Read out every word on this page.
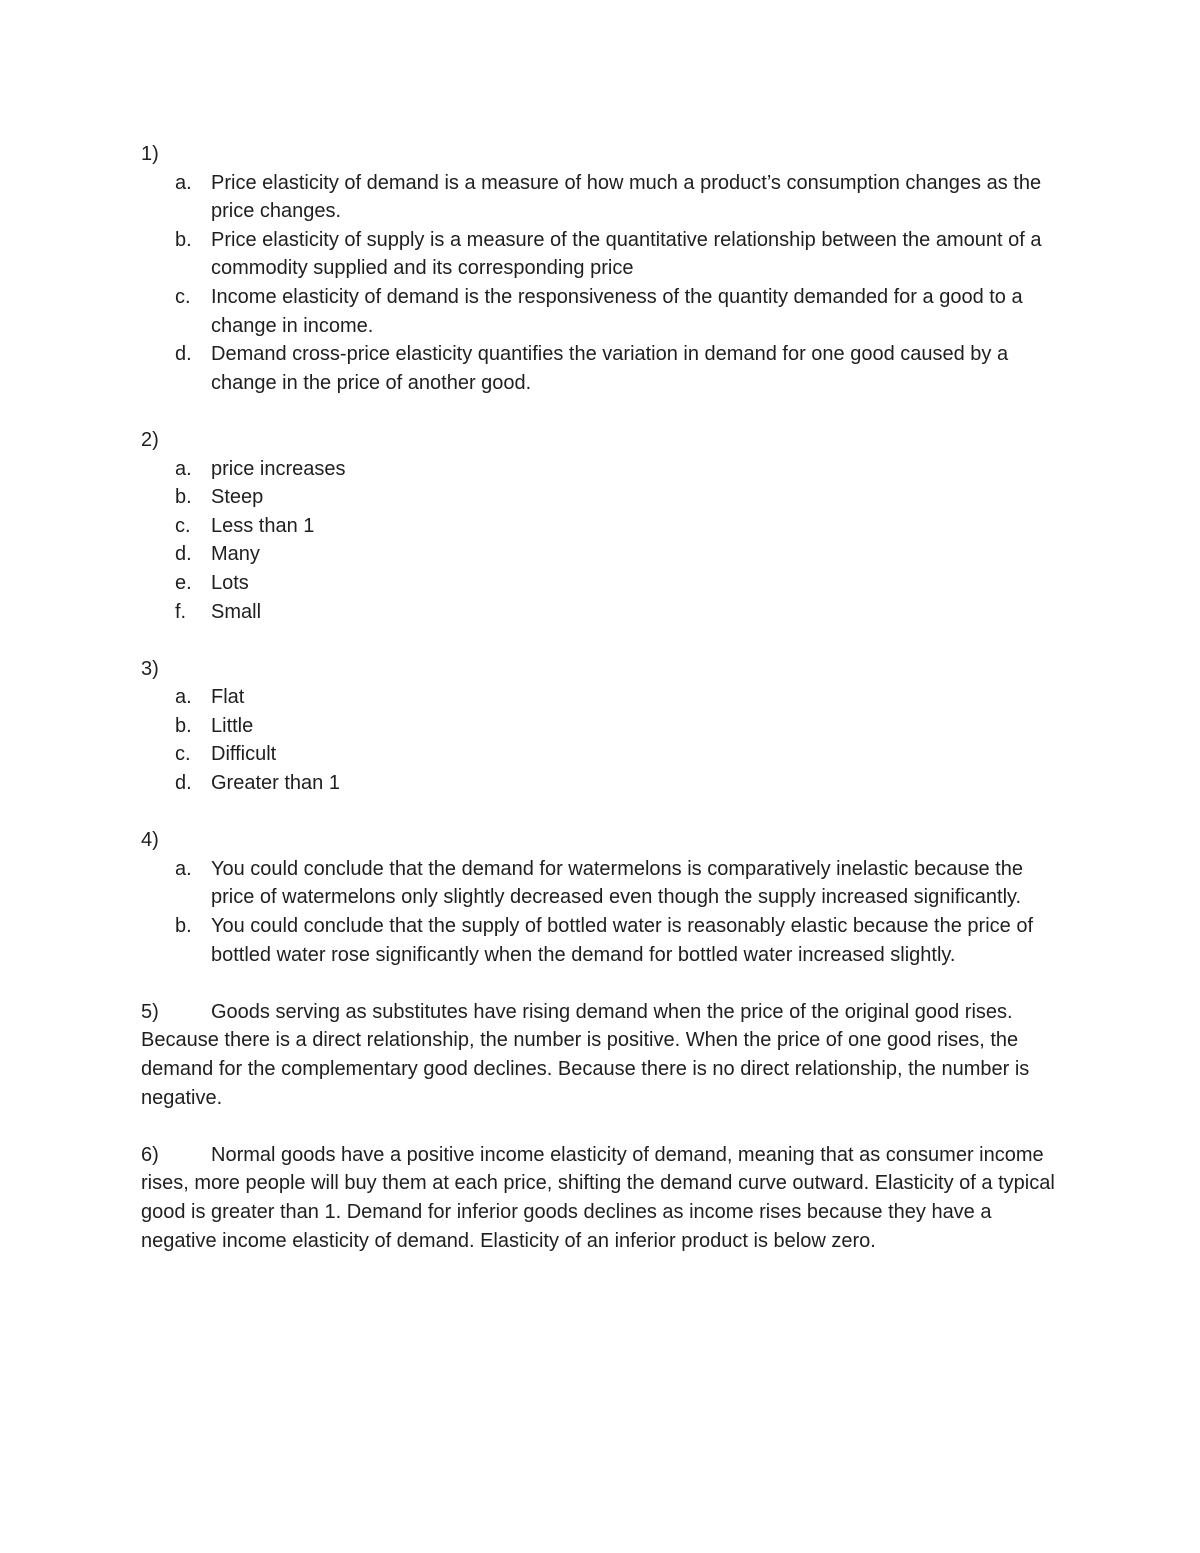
1)
a. Price elasticity of demand is a measure of how much a product’s consumption changes as the price changes.
b. Price elasticity of supply is a measure of the quantitative relationship between the amount of a commodity supplied and its corresponding price
c. Income elasticity of demand is the responsiveness of the quantity demanded for a good to a change in income.
d. Demand cross-price elasticity quantifies the variation in demand for one good caused by a change in the price of another good.
2)
a. price increases
b. Steep
c. Less than 1
d. Many
e. Lots
f. Small
3)
a. Flat
b. Little
c. Difficult
d. Greater than 1
4)
a. You could conclude that the demand for watermelons is comparatively inelastic because the price of watermelons only slightly decreased even though the supply increased significantly.
b. You could conclude that the supply of bottled water is reasonably elastic because the price of bottled water rose significantly when the demand for bottled water increased slightly.

5)	Goods serving as substitutes have rising demand when the price of the original good rises. Because there is a direct relationship, the number is positive. When the price of one good rises, the demand for the complementary good declines. Because there is no direct relationship, the number is negative.

6)	Normal goods have a positive income elasticity of demand, meaning that as consumer income rises, more people will buy them at each price, shifting the demand curve outward. Elasticity of a typical good is greater than 1. Demand for inferior goods declines as income rises because they have a negative income elasticity of demand. Elasticity of an inferior product is below zero.
